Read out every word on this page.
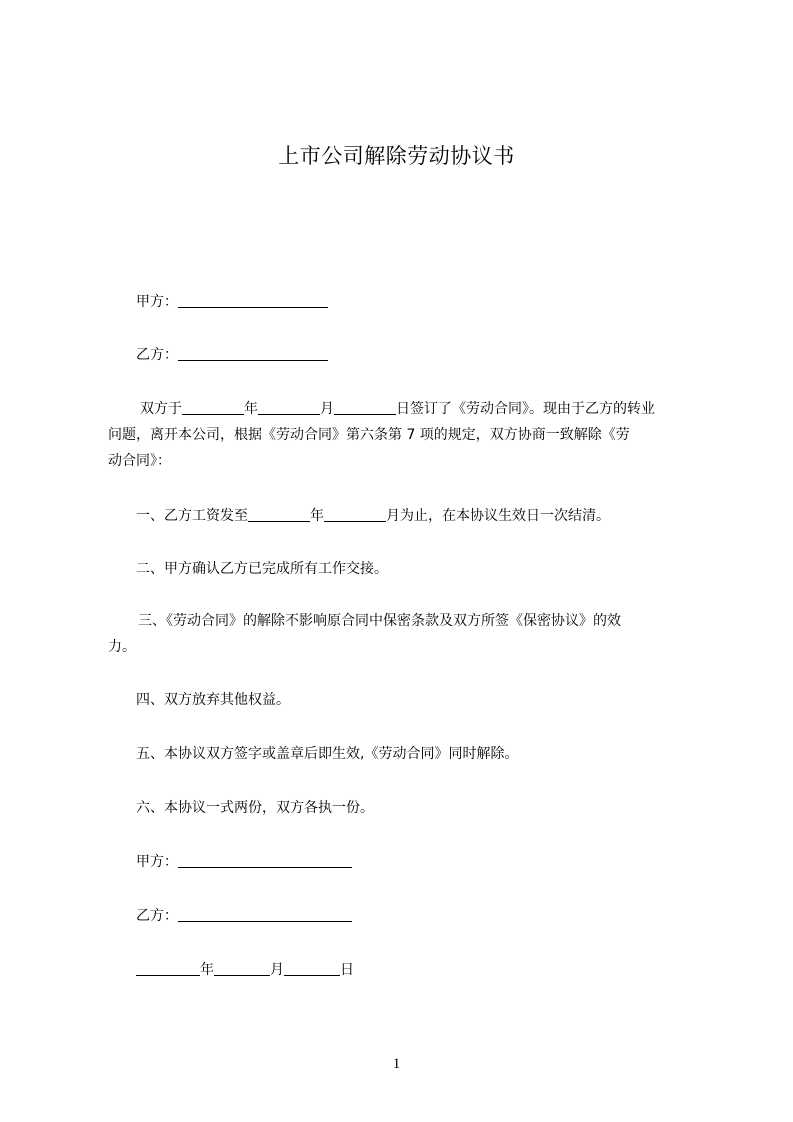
上市公司解除劳动协议书
甲方：
乙方：
双方于	年	月	日签订了《劳动合同》。现由于乙方的转业
问题，离开本公司，根据《劳动合同》第六条第 7 项的规定，双方协商一致解除《劳
动合同》：
一、乙方工资发至	年	月为止，在本协议生效日一次结清。
二、甲方确认乙方已完成所有工作交接。
三、《劳动合同》的解除不影响原合同中保密条款及双方所签《保密协议》的效
力。
四、双方放弃其他权益。
五、本协议双方签字或盖章后即生效,《劳动合同》同时解除。
六、本协议一式两份，双方各执一份。
甲方：
乙方：
年	月	日
1
